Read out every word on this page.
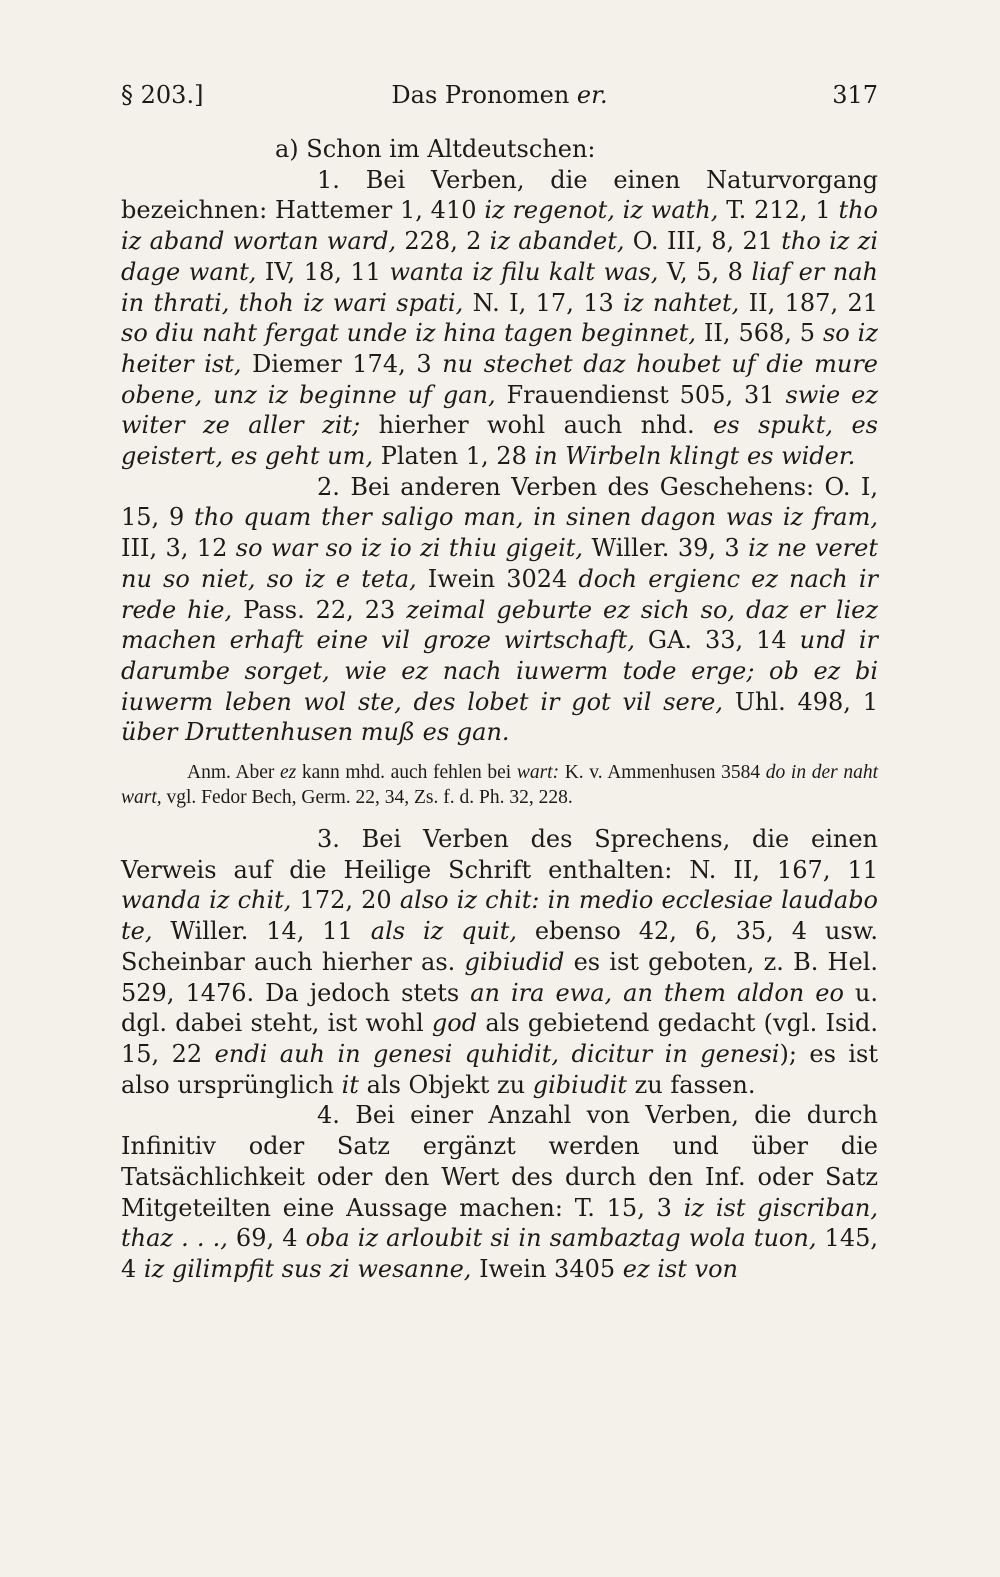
§ 203.]	Das Pronomen er.	317

a) Schon im Altdeutschen:

1. Bei Verben, die einen Naturvorgang bezeichnen: Hattemer 1, 410 iz regenot, iz wath, T. 212, 1 tho iz aband wortan ward, 228, 2 iz abandet, O. III, 8, 21 tho iz zi dage want, IV, 18, 11 wanta iz filu kalt was, V, 5, 8 liaf er nah in thrati, thoh iz wari spati, N. I, 17, 13 iz nahtet, II, 187, 21 so diu naht fergat unde iz hina tagen beginnet, II, 568, 5 so iz heiter ist, Diemer 174, 3 nu stechet daz houbet uf die mure obene, unz iz beginne uf gan, Frauendienst 505, 31 swie ez witer ze aller zit; hierher wohl auch nhd. es spukt, es geistert, es geht um, Platen 1, 28 in Wirbeln klingt es wider.

2. Bei anderen Verben des Geschehens: O. I, 15, 9 tho quam ther saligo man, in sinen dagon was iz fram, III, 3, 12 so war so iz io zi thiu gigeit, Willer. 39, 3 iz ne veret nu so niet, so iz e teta, Iwein 3024 doch ergienc ez nach ir rede hie, Pass. 22, 23 zeimal geburte ez sich so, daz er liez machen erhaft eine vil groze wirtschaft, GA. 33, 14 und ir darumbe sorget, wie ez nach iuwerm tode erge; ob ez bi iuwerm leben wol ste, des lobet ir got vil sere, Uhl. 498, 1 über Druttenhusen muß es gan.

Anm. Aber ez kann mhd. auch fehlen bei wart: K. v. Ammenhusen 3584 do in der naht wart, vgl. Fedor Bech, Germ. 22, 34, Zs. f. d. Ph. 32, 228.

3. Bei Verben des Sprechens, die einen Verweis auf die Heilige Schrift enthalten: N. II, 167, 11 wanda iz chit, 172, 20 also iz chit: in medio ecclesiae laudabo te, Willer. 14, 11 als iz quit, ebenso 42, 6, 35, 4 usw. Scheinbar auch hierher as. gibiudid es ist geboten, z. B. Hel. 529, 1476. Da jedoch stets an ira ewa, an them aldon eo u. dgl. dabei steht, ist wohl god als gebietend gedacht (vgl. Isid. 15, 22 endi auh in genesi quhidit, dicitur in genesi); es ist also ursprünglich it als Objekt zu gibiudit zu fassen.

4. Bei einer Anzahl von Verben, die durch Infinitiv oder Satz ergänzt werden und über die Tatsächlichkeit oder den Wert des durch den Inf. oder Satz Mitgeteilten eine Aussage machen: T. 15, 3 iz ist giscriban, thaz . . ., 69, 4 oba iz arloubit si in sambaztag wola tuon, 145, 4 iz gilimpfit sus zi wesanne, Iwein 3405 ez ist von
